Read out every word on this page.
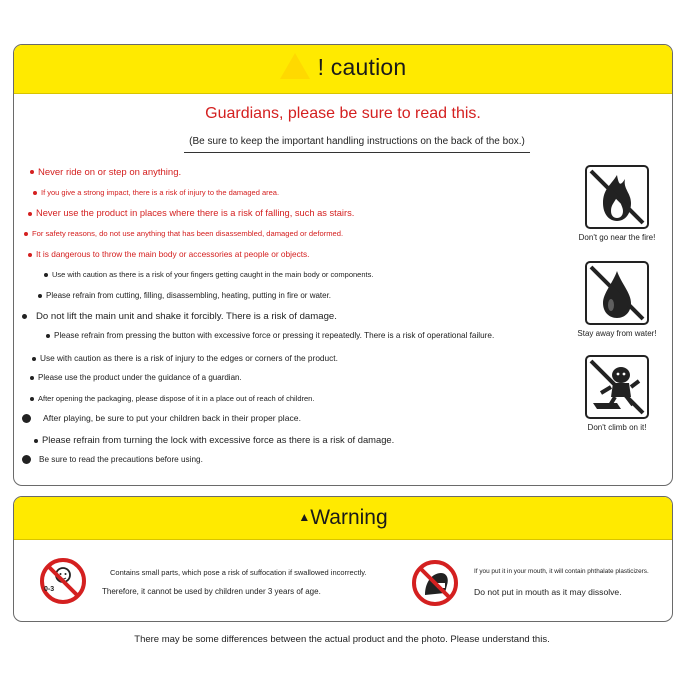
! caution
Guardians, please be sure to read this.
(Be sure to keep the important handling instructions on the back of the box.)
Never ride on or step on anything.
If you give a strong impact, there is a risk of injury to the damaged area.
Never use the product in places where there is a risk of falling, such as stairs.
For safety reasons, do not use anything that has been disassembled, damaged or deformed.
It is dangerous to throw the main body or accessories at people or objects.
Use with caution as there is a risk of your fingers getting caught in the main body or components.
Please refrain from cutting, filling, disassembling, heating, putting in fire or water.
Do not lift the main unit and shake it forcibly. There is a risk of damage.
Please refrain from pressing the button with excessive force or pressing it repeatedly. There is a risk of operational failure.
Use with caution as there is a risk of injury to the edges or corners of the product.
Please use the product under the guidance of a guardian.
After opening the packaging, please dispose of it in a place out of reach of children.
After playing, be sure to put your children back in their proper place.
Please refrain from turning the lock with excessive force as there is a risk of damage.
Be sure to read the precautions before using.
Don't go near the fire!
Stay away from water!
Don't climb on it!
▲Warning
0-3
Contains small parts, which pose a risk of suffocation if swallowed incorrectly.
Therefore, it cannot be used by children under 3 years of age.
If you put it in your mouth, it will contain phthalate plasticizers.
Do not put in mouth as it may dissolve.
There may be some differences between the actual product and the photo. Please understand this.
